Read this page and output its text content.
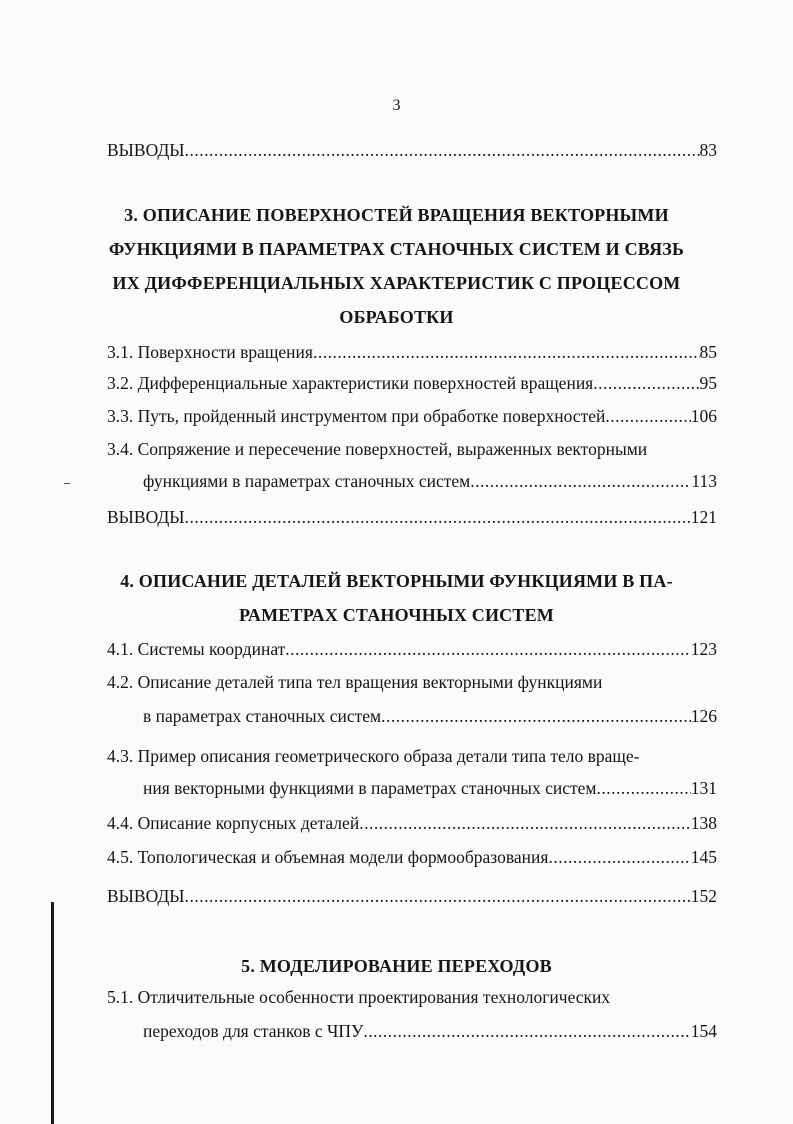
3
ВЫВОДЫ .....	83
3. ОПИСАНИЕ ПОВЕРХНОСТЕЙ ВРАЩЕНИЯ ВЕКТОРНЫМИ
ФУНКЦИЯМИ В ПАРАМЕТРАХ СТАНОЧНЫХ СИСТЕМ И СВЯЗЬ
ИХ ДИФФЕРЕНЦИАЛЬНЫХ ХАРАКТЕРИСТИК С ПРОЦЕССОМ
ОБРАБОТКИ
3.1. Поверхности вращения .....	85
3.2. Дифференциальные характеристики поверхностей вращения .....	95
3.3. Путь, пройденный инструментом при обработке поверхностей .....	106
3.4. Сопряжение и пересечение поверхностей, выраженных векторными
функциями в параметрах станочных систем .....	113
ВЫВОДЫ .....	121
4. ОПИСАНИЕ ДЕТАЛЕЙ ВЕКТОРНЫМИ ФУНКЦИЯМИ В ПА-
РАМЕТРАХ СТАНОЧНЫХ СИСТЕМ
4.1. Системы координат .....	123
4.2. Описание деталей типа тел вращения векторными функциями
в параметрах станочных систем .....	126
4.3. Пример описания геометрического образа детали типа тело враще-
ния векторными функциями в параметрах станочных систем .....	131
4.4. Описание корпусных деталей .....	138
4.5. Топологическая и объемная модели формообразования .....	145
ВЫВОДЫ .....	152
5. МОДЕЛИРОВАНИЕ ПЕРЕХОДОВ
5.1. Отличительные особенности проектирования технологических
переходов для станков с ЧПУ .....	154
